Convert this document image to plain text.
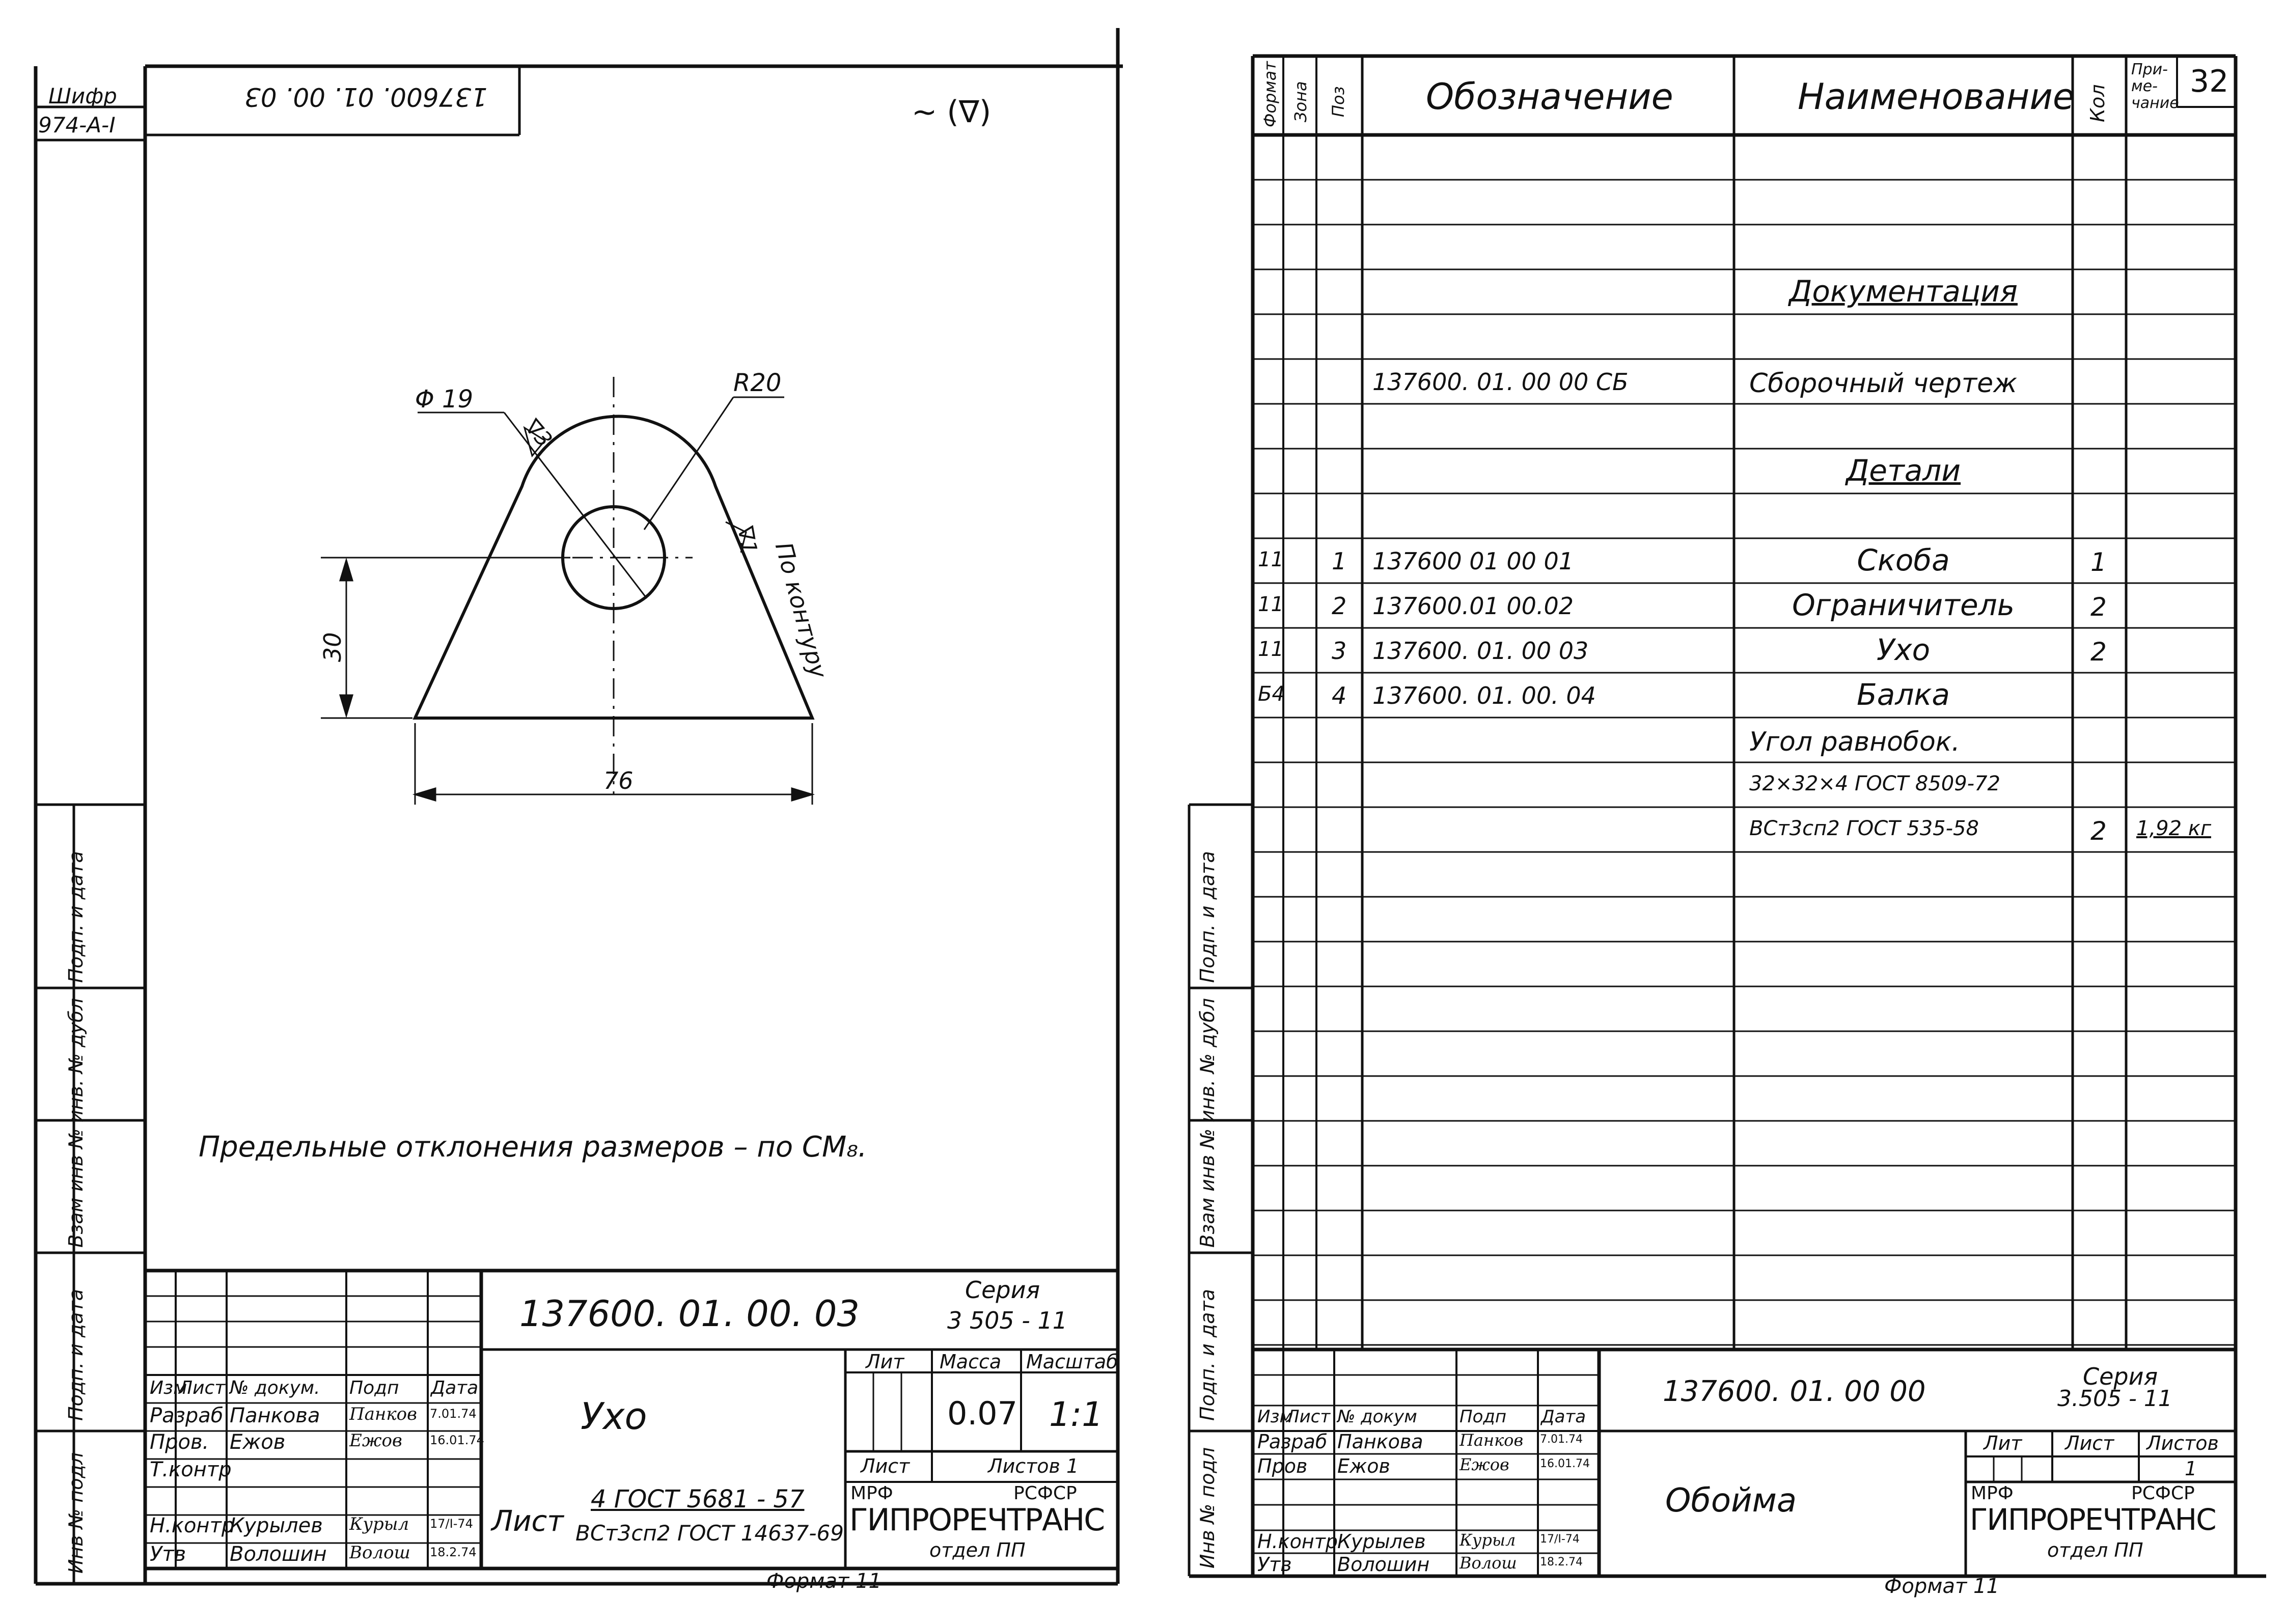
Шифр
974-А-I
137600. 01. 00. 03	∼ (∇)
Φ 19
R20
30
76
∇3
∇1 По контуру
Предельные отклонения размеров – по СМ₈.
Инв № подл
Подп. и дата
Взам инв № инв. № дубл
Подп. и дата
137600. 01. 00. 03
Серия
3 505 - 11
Ухо
Лит Масса Масштаб
0.07 1:1
Лист	Листов 1
Лист
4 ГОСТ 5681 - 57
ВСт3сп2 ГОСТ 14637-69
МРФ	РСФСР
ГИПРОРЕЧТРАНС
отдел ПП
Формат 11
Изм
Лист № докум. Подп Дата
Разраб Панкова Панков 7.01.74
Пров. Ежов	Ежов 16.01.74
Т.контр
Н.контр
Курылев Курыл 17/I-74
Утв Волошин Волош 18.2.74
32
Формат Зона Поз Обозначение	Наименование Кол
При-ме-чание
Документация
137600. 01. 00 00 СБ	Сборочный чертеж
Детали
11 1 137600 01 00 01	Скоба	1
11 2 137600.01 00.02	Ограничитель	2
11 3 137600. 01. 00 03	Ухо	2
Б4 4 137600. 01. 00. 04	Балка
Угол равнобок.
32×32×4 ГОСТ 8509-72
ВСт3сп2 ГОСТ 535-58	2 1,92 кг
Инв № подл
Подп. и дата
Взам инв № инв. № дубл
Подп. и дата
137600. 01. 00 00	Серия
3.505 - 11
Обойма
Лит Лист Листов
1
МРФ	РСФСР
ГИПРОРЕЧТРАНС
отдел ПП
Формат 11
Изм
Лист № докум Подп Дата
Разраб Панкова Панков 7.01.74
Пров Ежов	Ежов	16.01.74
Н.контр Курылев Курыл 17/I-74
Утв Волошин Волош 18.2.74
